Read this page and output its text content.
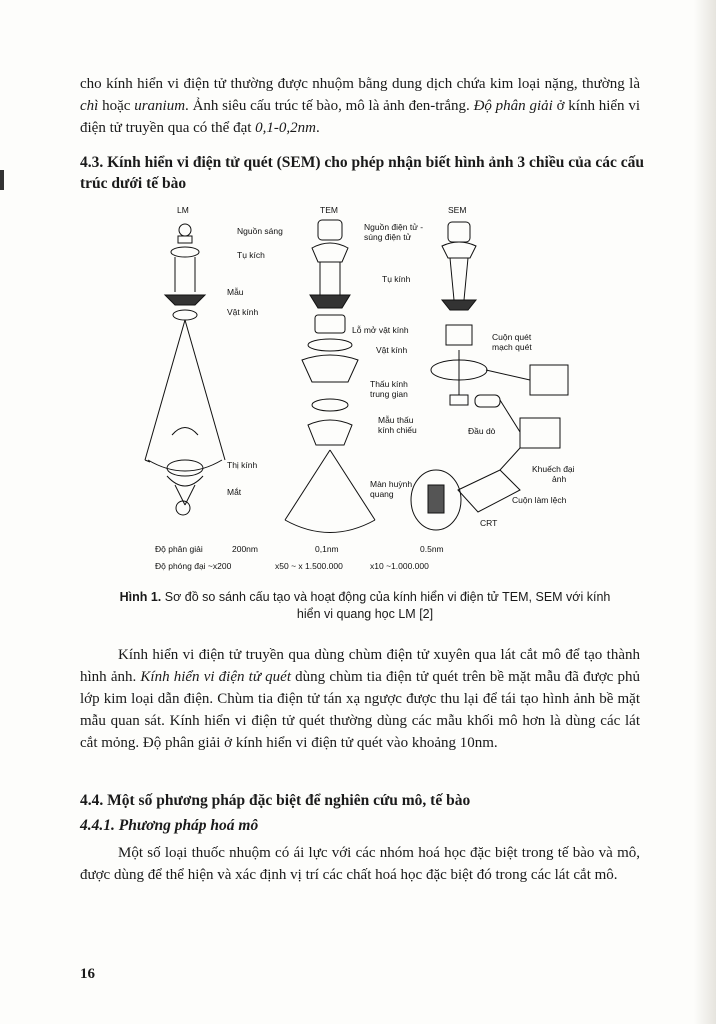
cho kính hiển vi điện tử thường được nhuộm bằng dung dịch chứa kim loại nặng, thường là chì hoặc uranium. Ảnh siêu cấu trúc tế bào, mô là ảnh đen-trắng. Độ phân giải ở kính hiển vi điện tử truyền qua có thể đạt 0,1-0,2nm.

4.3. Kính hiển vi điện tử quét (SEM) cho phép nhận biết hình ảnh 3 chiều của các cấu trúc dưới tế bào

LM	TEM	SEM
Nguồn sáng
Tụ kích
Mẫu
Vật kính
Thị kính
Mắt
Nguồn điện tử -
súng điện tử
Tụ kính
Lỗ mở vật kính
Vật kính
Thấu kính
trung gian
Mẫu thấu
kính chiếu
Màn huỳnh
quang
Cuộn quét
mạch quét
Đầu dò
Khuếch đại
ảnh
Cuộn làm lệch
CRT
Độ phân giải	200nm	0,1nm	0.5nm
Độ phóng đại ~x200	x50 ~ x 1.500.000	x10 ~1.000.000

Hình 1. Sơ đồ so sánh cấu tạo và hoạt động của kính hiển vi điện tử TEM, SEM với kính hiển vi quang học LM [2]

Kính hiển vi điện tử truyền qua dùng chùm điện tử xuyên qua lát cắt mô để tạo thành hình ảnh. Kính hiển vi điện tử quét dùng chùm tia điện tử quét trên bề mặt mẫu đã được phủ lớp kim loại dẫn điện. Chùm tia điện tử tán xạ ngược được thu lại để tái tạo hình ảnh bề mặt mẫu quan sát. Kính hiển vi điện tử quét thường dùng các mẫu khối mô hơn là dùng các lát cắt mỏng. Độ phân giải ở kính hiển vi điện tử quét vào khoảng 10nm.

4.4. Một số phương pháp đặc biệt để nghiên cứu mô, tế bào

4.4.1. Phương pháp hoá mô

Một số loại thuốc nhuộm có ái lực với các nhóm hoá học đặc biệt trong tế bào và mô, được dùng để thể hiện và xác định vị trí các chất hoá học đặc biệt đó trong các lát cắt mô.

16
